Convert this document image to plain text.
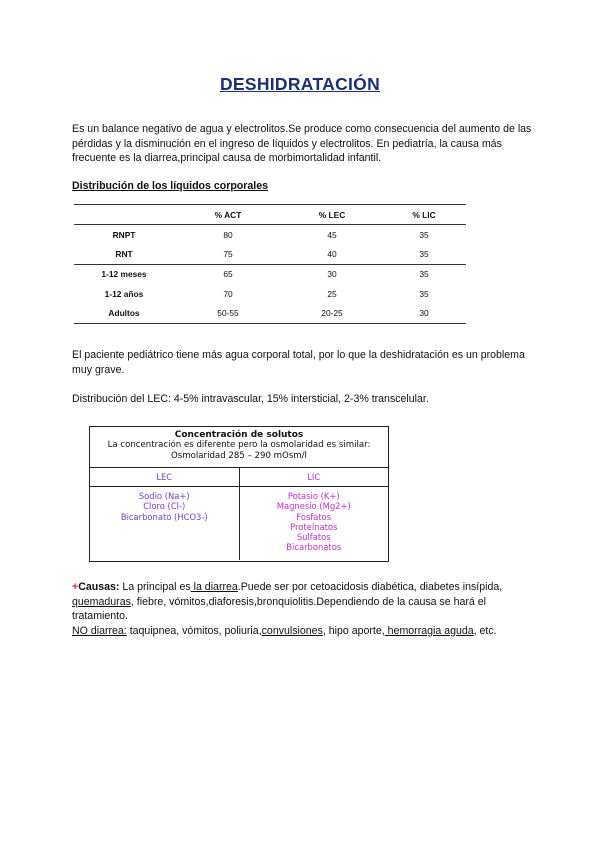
DESHIDRATACIÓN
Es un balance negativo de agua y electrolitos.Se produce como consecuencia del aumento de las pérdidas y la disminución en el ingreso de líquidos y electrolitos. En pediatría, la causa más frecuente es la diarrea,principal causa de morbimortalidad infantil.
Distribución de los líquidos corporales
	% ACT	% LEC	% LIC
RNPT	80	45	35
RNT	75	40	35
1-12 meses	65	30	35
1-12 años	70	25	35
Adultos	50-55	20-25	30
El paciente pediátrico tiene más agua corporal total, por lo que la deshidratación es un problema muy grave.
Distribución del LEC: 4-5% intravascular, 15% intersticial, 2-3% transcelular.
Concentración de solutos
La concentración es diferente pero la osmolaridad es similar:
Osmolaridad 285 – 290 mOsm/l
LEC
Sodio (Na+)
Cloro (Cl-)
Bicarbonato (HCO3-)
LIC
Potasio (K+)
Magnesio (Mg2+)
Fosfatos
Proteínatos
Sulfatos
Bicarbonatos
+Causas: La principal es la diarrea.Puede ser por cetoacidosis diabética, diabetes insípida, quemaduras, fiebre, vómitos,diaforesis,bronquiolitis.Dependiendo de la causa se hará el tratamiento.
NO diarrea: taquipnea, vómitos, poliuria,convulsiones, hipo aporte, hemorragia aguda, etc.
